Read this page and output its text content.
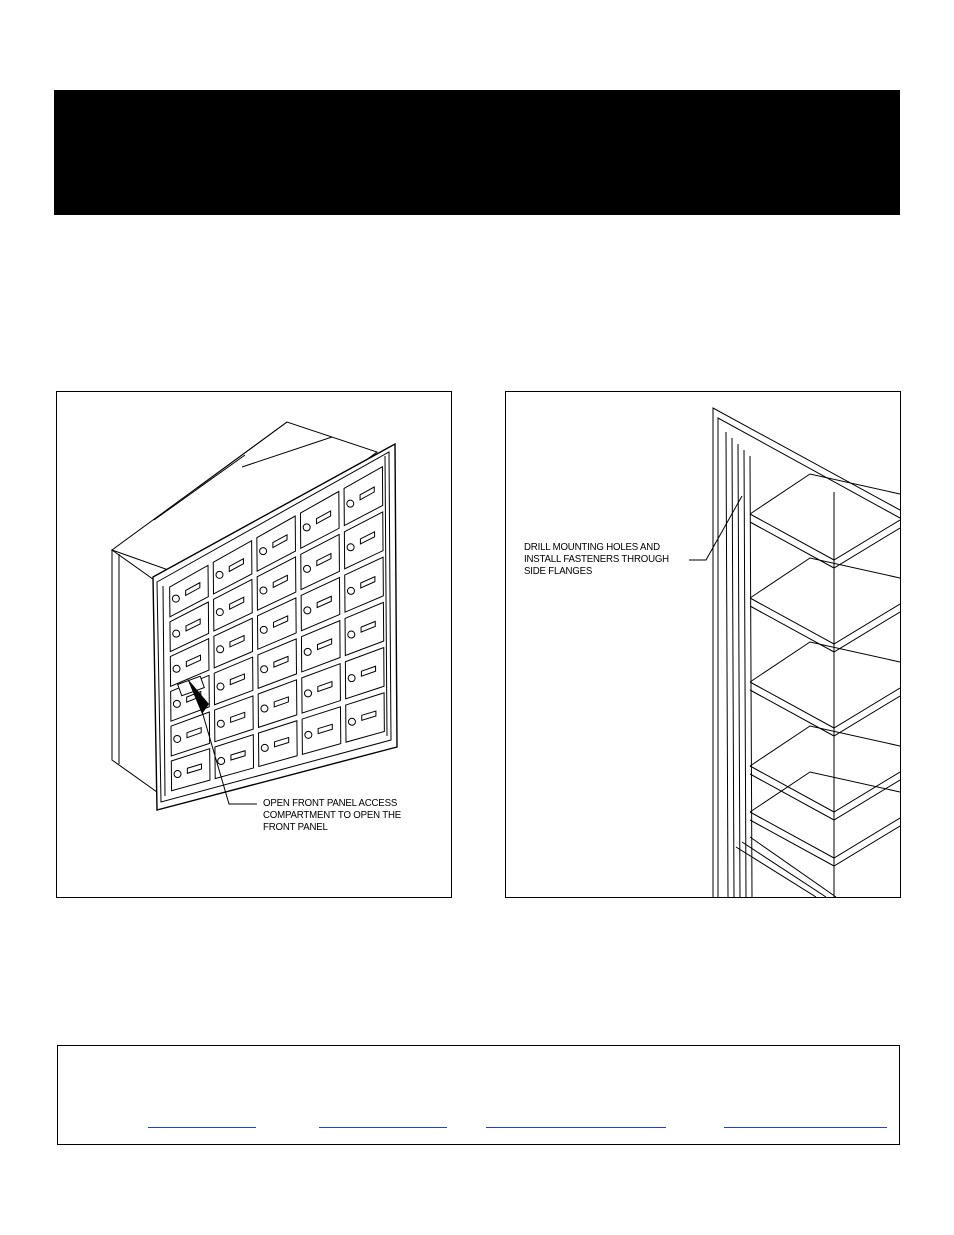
OPEN FRONT PANEL ACCESS
COMPARTMENT TO OPEN THE
FRONT PANEL
DRILL MOUNTING HOLES AND
INSTALL FASTENERS THROUGH
SIDE FLANGES
